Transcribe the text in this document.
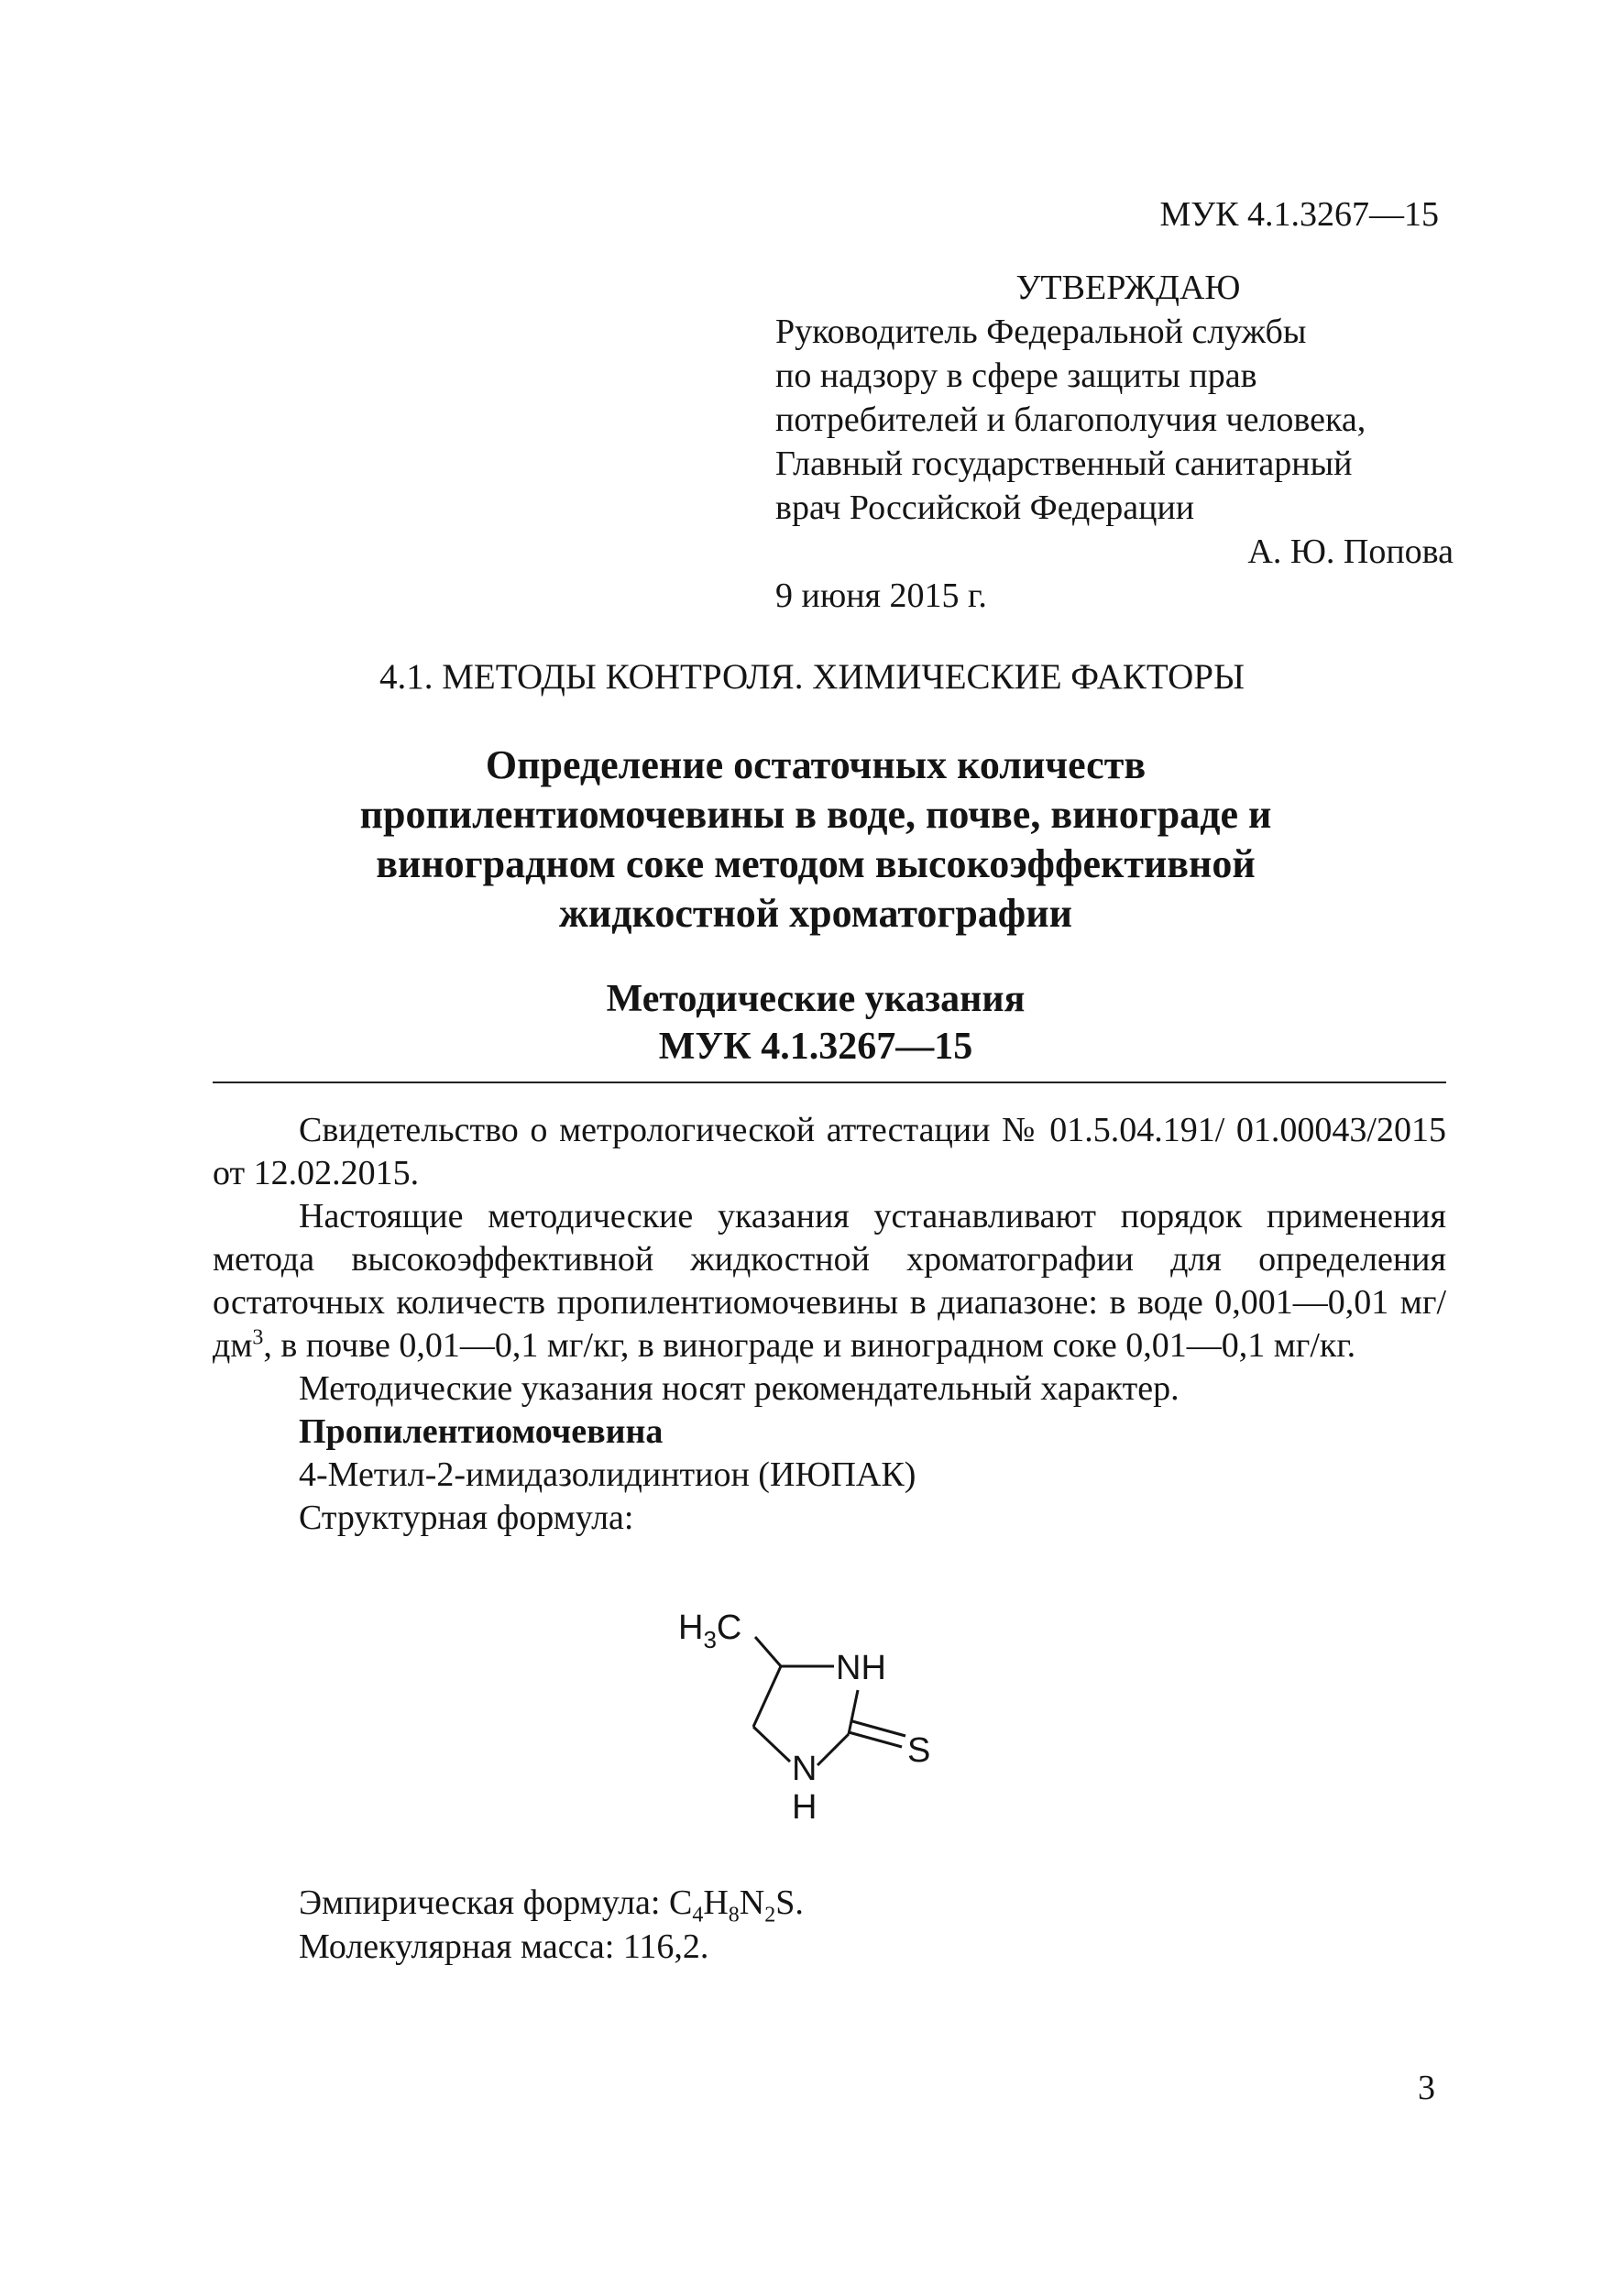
МУК 4.1.3267—15

УТВЕРЖДАЮ
Руководитель Федеральной службы
по надзору в сфере защиты прав
потребителей и благополучия человека,
Главный государственный санитарный
врач Российской Федерации
А. Ю. Попова
9 июня 2015 г.

4.1. МЕТОДЫ КОНТРОЛЯ. ХИМИЧЕСКИЕ ФАКТОРЫ

Определение остаточных количеств
пропилентиомочевины в воде, почве, винограде и
виноградном соке методом высокоэффективной
жидкостной хроматографии
Методические указания
МУК 4.1.3267—15

Свидетельство о метрологической аттестации № 01.5.04.191/ 01.00043/2015 от 12.02.2015.

Настоящие методические указания устанавливают порядок применения метода высокоэффективной жидкостной хроматографии для определения остаточных количеств пропилентиомочевины в диапазоне: в воде 0,001—0,01 $мг/дм^3$, в почве 0,01—0,1 мг/кг, в винограде и виноградном соке 0,01—0,1 мг/кг.

Методические указания носят рекомендательный характер.
Пропилентиомочевина
4-Метил-2-имидазолидинтион (ИЮПАК)
Структурная формула:
$H_3C$
NH
N
H
S
Эмпирическая формула: $C_4H_8N_2S$.
Молекулярная масса: 116,2.

3
